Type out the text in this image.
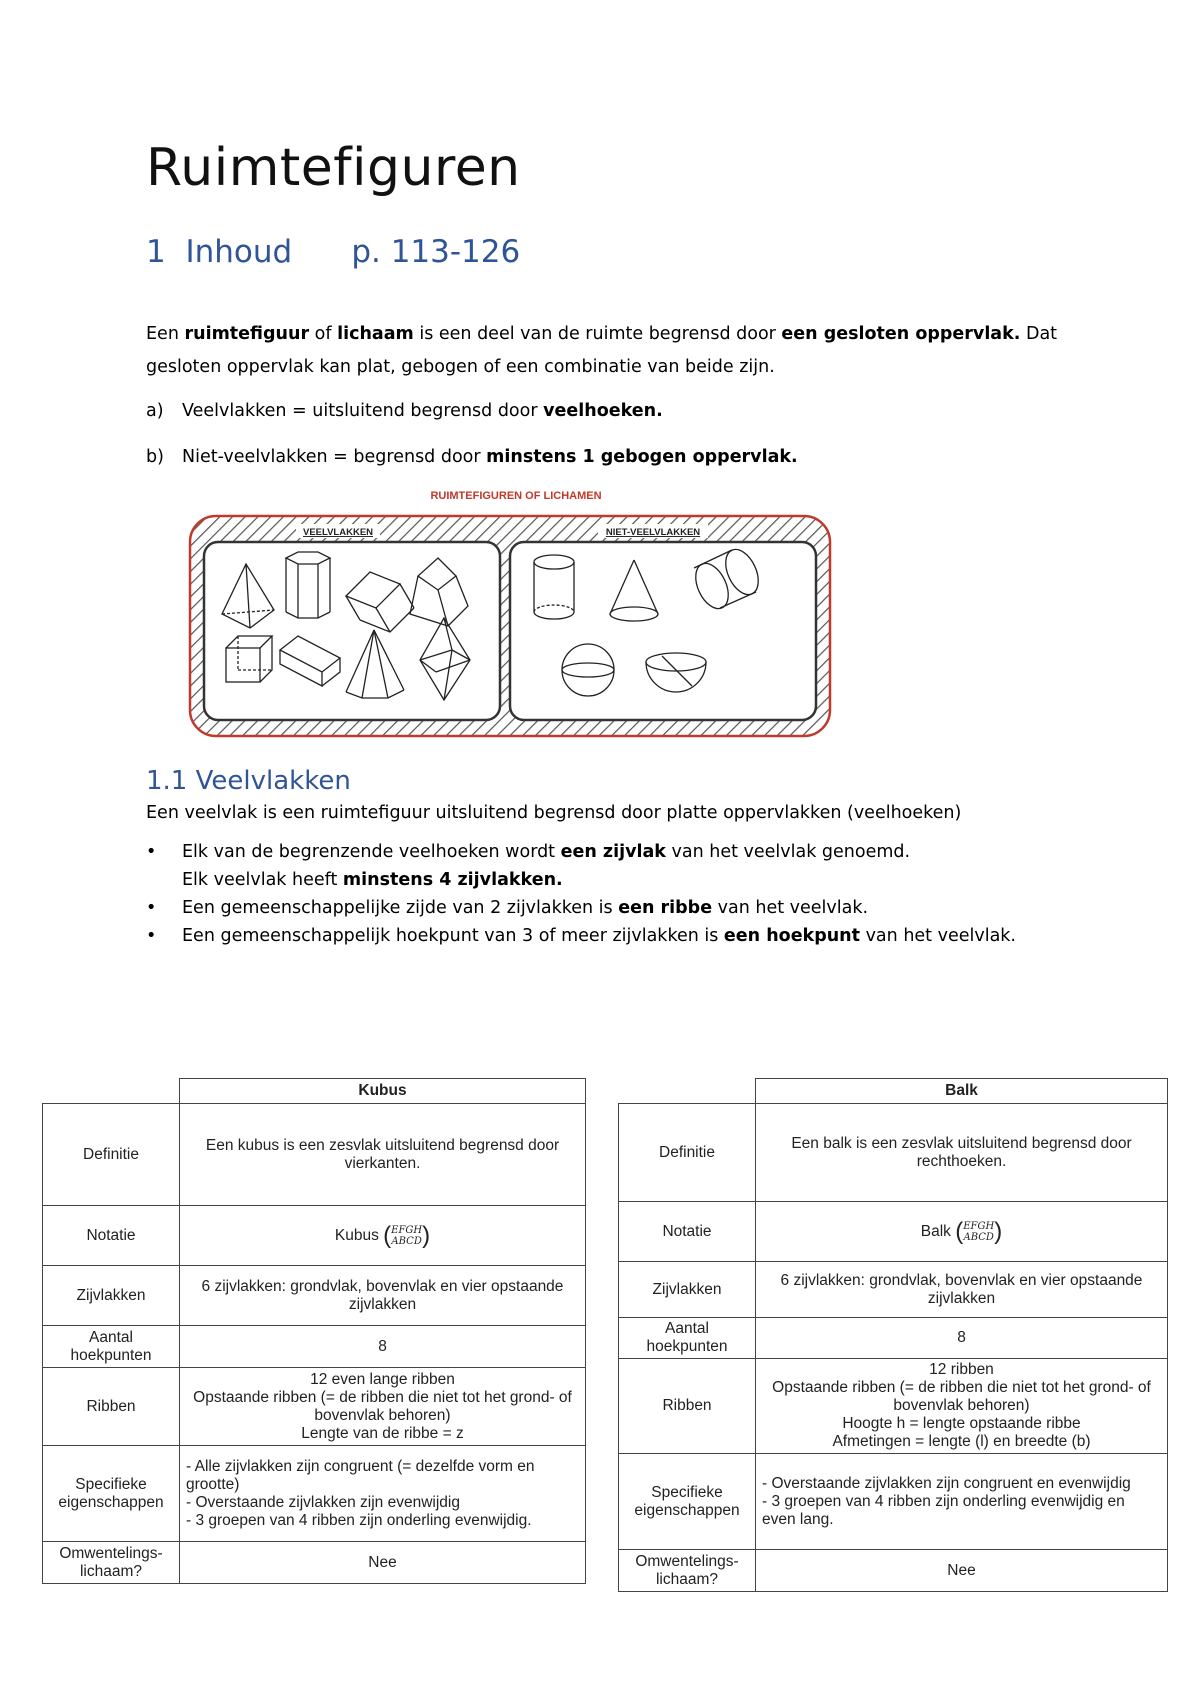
Ruimtefiguren
1 Inhoud p. 113-126
Een ruimtefiguur of lichaam is een deel van de ruimte begrensd door een gesloten oppervlak. Dat gesloten oppervlak kan plat, gebogen of een combinatie van beide zijn.
a) Veelvlakken = uitsluitend begrensd door veelhoeken.
b) Niet-veelvlakken = begrensd door minstens 1 gebogen oppervlak.
RUIMTEFIGUREN OF LICHAMEN
VEELVLAKKEN	NIET-VEELVLAKKEN
1.1 Veelvlakken
Een veelvlak is een ruimtefiguur uitsluitend begrensd door platte oppervlakken (veelhoeken)
• Elk van de begrenzende veelhoeken wordt een zijvlak van het veelvlak genoemd.
Elk veelvlak heeft minstens 4 zijvlakken.
• Een gemeenschappelijke zijde van 2 zijvlakken is een ribbe van het veelvlak.
• Een gemeenschappelijk hoekpunt van 3 of meer zijvlakken is een hoekpunt van het veelvlak.
	Kubus
Definitie	Een kubus is een zesvlak uitsluitend begrensd door vierkanten.
Notatie	Kubus (EFGH
ABCD)
Zijvlakken	6 zijvlakken: grondvlak, bovenvlak en vier opstaande zijvlakken
Aantal hoekpunten	8
Ribben	12 even lange ribben
Opstaande ribben (= de ribben die niet tot het grond- of bovenvlak behoren)
Lengte van de ribbe = z

Specifieke eigenschappen	- Alle zijvlakken zijn congruent (= dezelfde vorm en grootte)
- Overstaande zijvlakken zijn evenwijdig
- 3 groepen van 4 ribben zijn onderling evenwijdig.

Omwentelings-lichaam?	Nee
	Balk
Definitie	Een balk is een zesvlak uitsluitend begrensd door rechthoeken.
Notatie	Balk (EFGH
ABCD)
Zijvlakken	6 zijvlakken: grondvlak, bovenvlak en vier opstaande zijvlakken
Aantal hoekpunten	8
Ribben	12 ribben
Opstaande ribben (= de ribben die niet tot het grond- of bovenvlak behoren)
Hoogte h = lengte opstaande ribbe
Afmetingen = lengte (l) en breedte (b)

Specifieke eigenschappen	- Overstaande zijvlakken zijn congruent en evenwijdig
- 3 groepen van 4 ribben zijn onderling evenwijdig en even lang.

Omwentelings-lichaam?	Nee
